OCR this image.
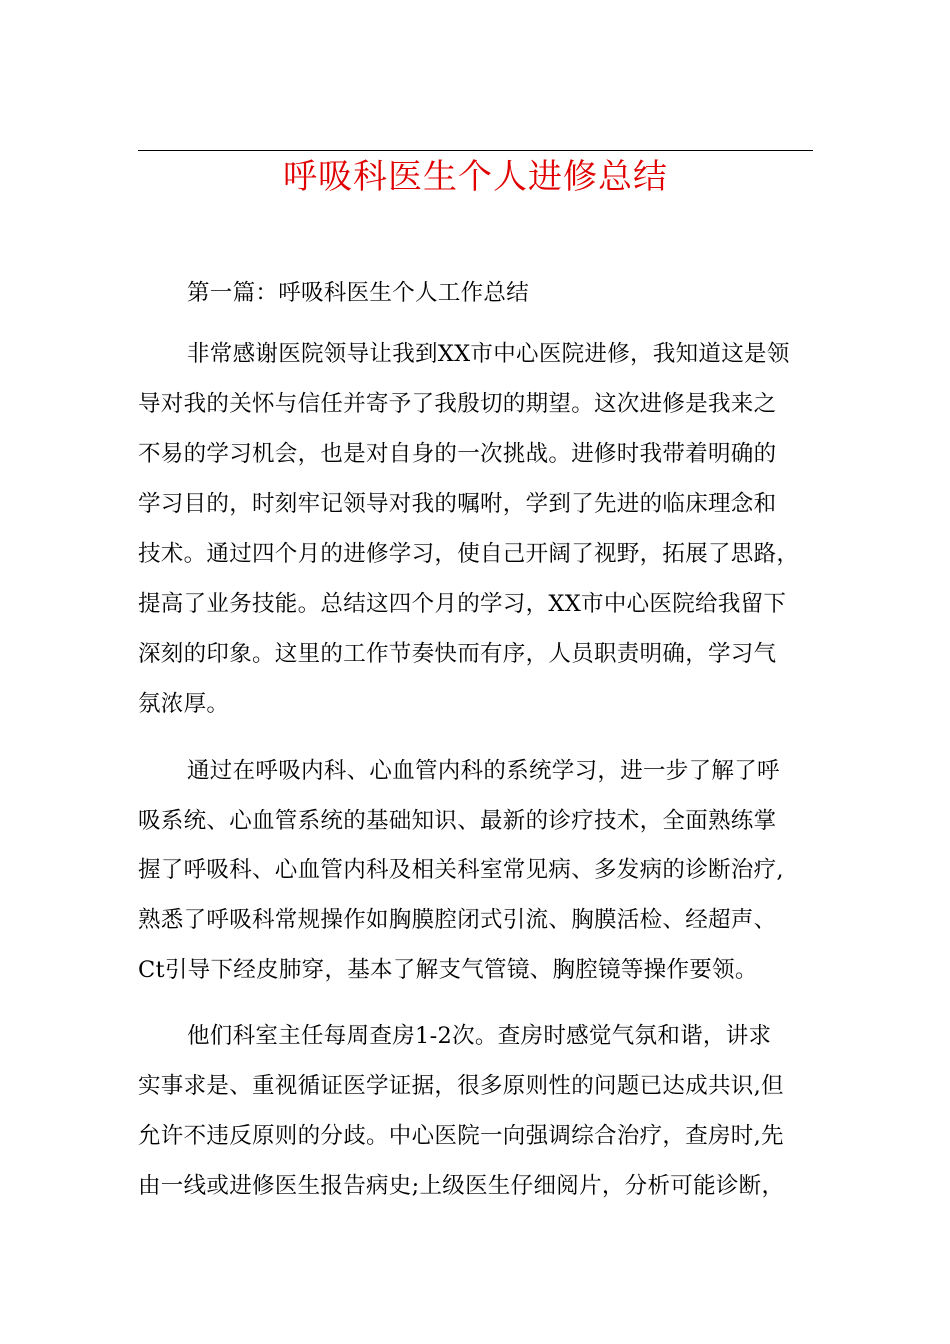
呼吸科医生个人进修总结
第一篇：呼吸科医生个人工作总结
非常感谢医院领导让我到XX市中心医院进修，我知道这是领
导对我的关怀与信任并寄予了我殷切的期望。这次进修是我来之
不易的学习机会，也是对自身的一次挑战。进修时我带着明确的
学习目的，时刻牢记领导对我的嘱咐，学到了先进的临床理念和
技术。通过四个月的进修学习，使自己开阔了视野，拓展了思路，
提高了业务技能。总结这四个月的学习，XX市中心医院给我留下
深刻的印象。这里的工作节奏快而有序，人员职责明确，学习气
氛浓厚。
通过在呼吸内科、心血管内科的系统学习，进一步了解了呼
吸系统、心血管系统的基础知识、最新的诊疗技术，全面熟练掌
握了呼吸科、心血管内科及相关科室常见病、多发病的诊断治疗,
熟悉了呼吸科常规操作如胸膜腔闭式引流、胸膜活检、经超声、
Ct引导下经皮肺穿，基本了解支气管镜、胸腔镜等操作要领。
他们科室主任每周查房1-2次。查房时感觉气氛和谐，讲求
实事求是、重视循证医学证据，很多原则性的问题已达成共识,但
允许不违反原则的分歧。中心医院一向强调综合治疗，查房时,先
由一线或进修医生报告病史;上级医生仔细阅片，分析可能诊断，
